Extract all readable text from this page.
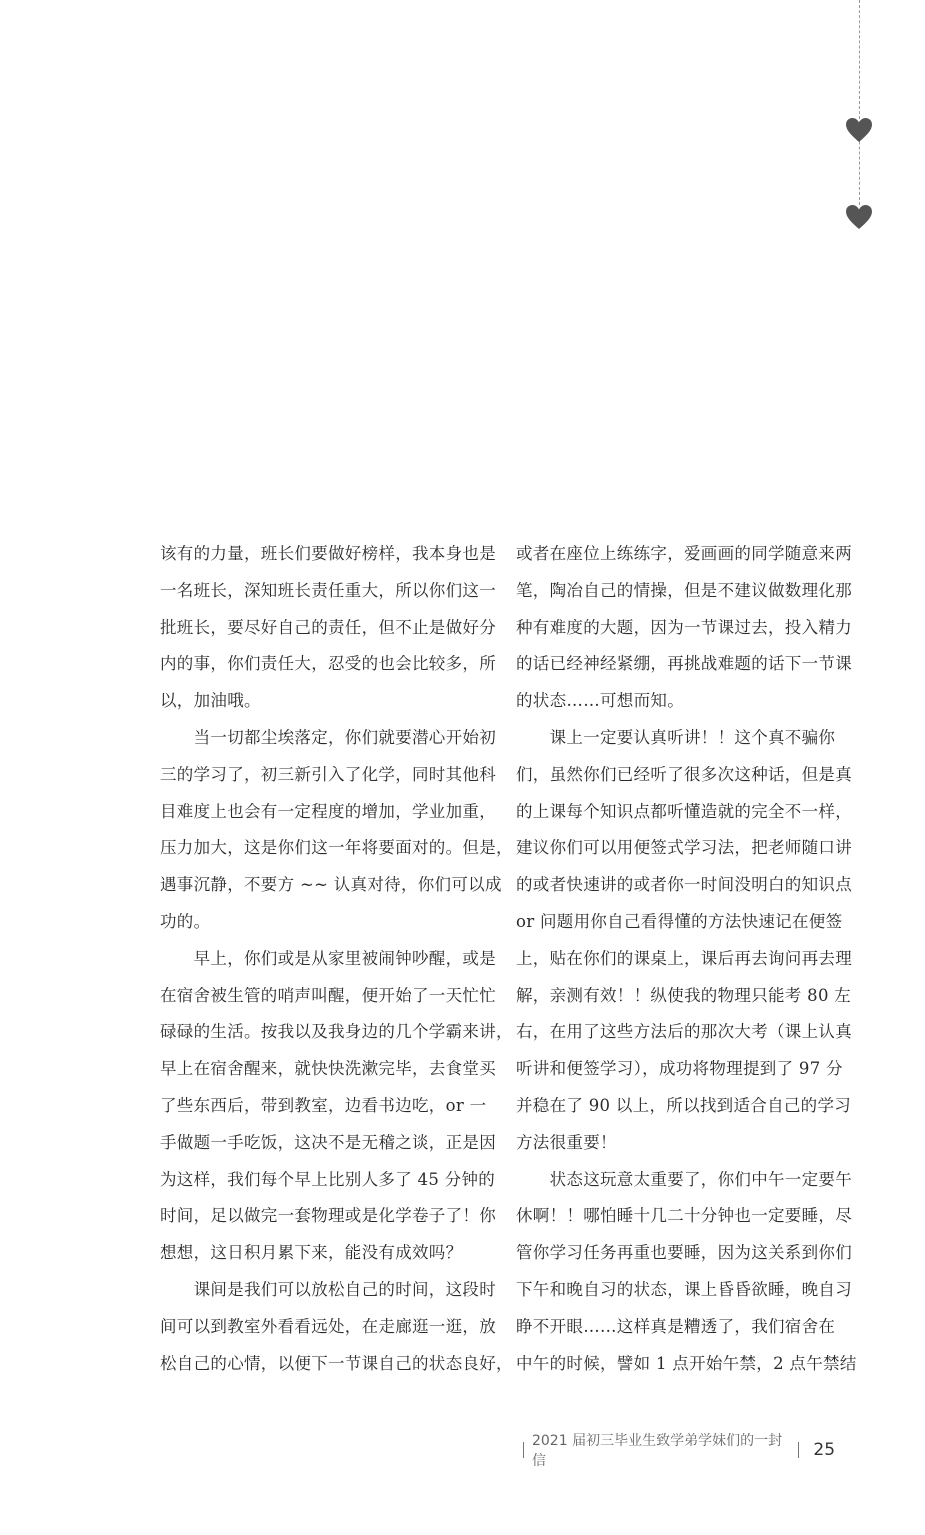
该有的力量，班长们要做好榜样，我本身也是
一名班长，深知班长责任重大，所以你们这一
批班长，要尽好自己的责任，但不止是做好分
内的事，你们责任大，忍受的也会比较多，所
以，加油哦。
　　当一切都尘埃落定，你们就要潜心开始初
三的学习了，初三新引入了化学，同时其他科
目难度上也会有一定程度的增加，学业加重，
压力加大，这是你们这一年将要面对的。但是，
遇事沉静，不要方 ~~ 认真对待，你们可以成
功的。
　　早上，你们或是从家里被闹钟吵醒，或是
在宿舍被生管的哨声叫醒，便开始了一天忙忙
碌碌的生活。按我以及我身边的几个学霸来讲，
早上在宿舍醒来，就快快洗漱完毕，去食堂买
了些东西后，带到教室，边看书边吃，or 一
手做题一手吃饭，这决不是无稽之谈，正是因
为这样，我们每个早上比别人多了 45 分钟的
时间，足以做完一套物理或是化学卷子了！你
想想，这日积月累下来，能没有成效吗？
　　课间是我们可以放松自己的时间，这段时
间可以到教室外看看远处，在走廊逛一逛，放
松自己的心情，以便下一节课自己的状态良好，
或者在座位上练练字，爱画画的同学随意来两
笔，陶冶自己的情操，但是不建议做数理化那
种有难度的大题，因为一节课过去，投入精力
的话已经神经紧绷，再挑战难题的话下一节课
的状态……可想而知。
　　课上一定要认真听讲！！这个真不骗你
们，虽然你们已经听了很多次这种话，但是真
的上课每个知识点都听懂造就的完全不一样，
建议你们可以用便签式学习法，把老师随口讲
的或者快速讲的或者你一时间没明白的知识点
or 问题用你自己看得懂的方法快速记在便签
上，贴在你们的课桌上，课后再去询问再去理
解，亲测有效！！纵使我的物理只能考 80 左
右，在用了这些方法后的那次大考（课上认真
听讲和便签学习），成功将物理提到了 97 分
并稳在了 90 以上，所以找到适合自己的学习
方法很重要！
　　状态这玩意太重要了，你们中午一定要午
休啊！！哪怕睡十几二十分钟也一定要睡，尽
管你学习任务再重也要睡，因为这关系到你们
下午和晚自习的状态，课上昏昏欲睡，晚自习
睁不开眼……这样真是糟透了，我们宿舍在
中午的时候，譬如 1 点开始午禁，2 点午禁结
2021 届初三毕业生致学弟学妹们的一封信
25
